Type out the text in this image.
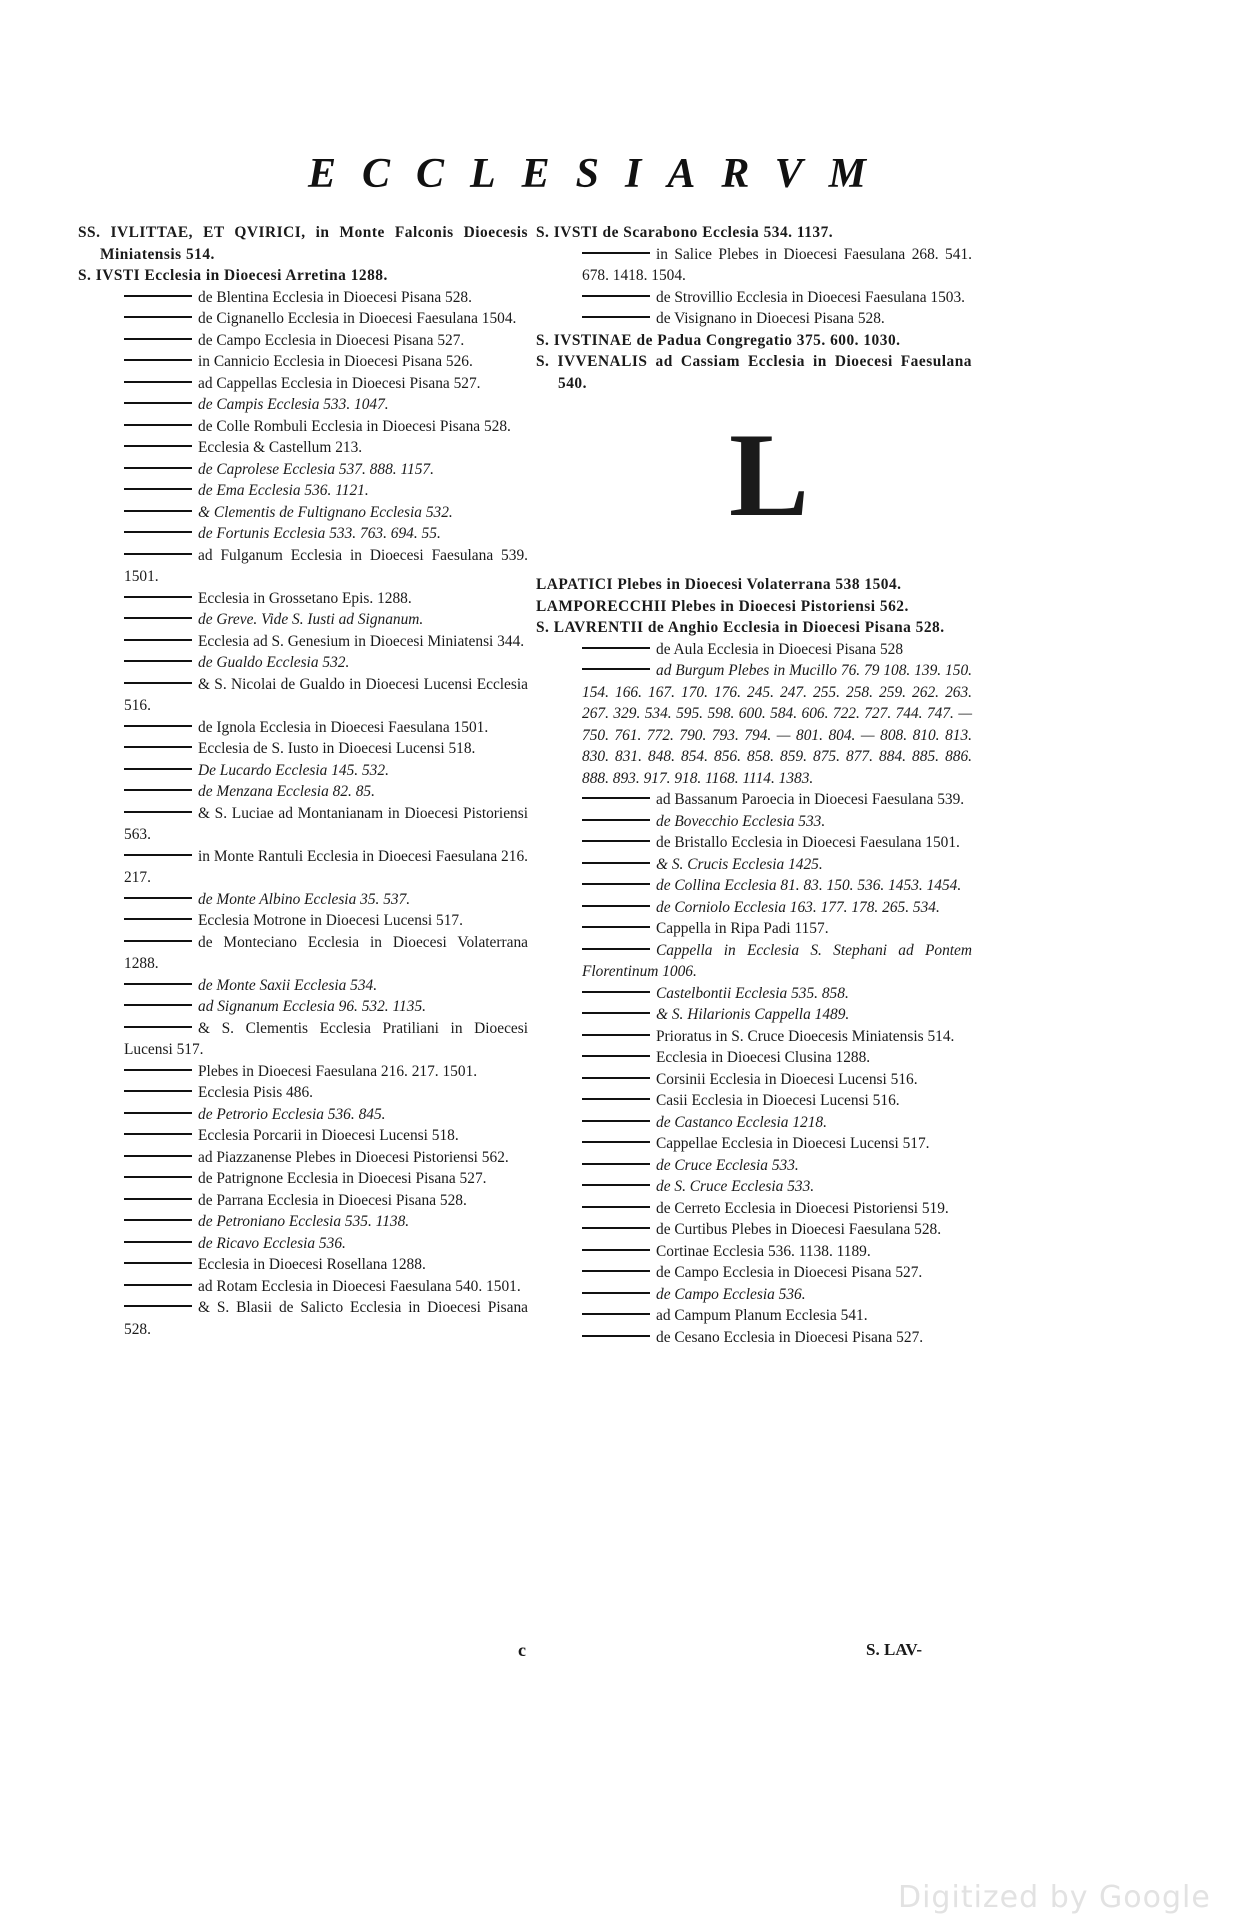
ECCLESIARVM

SS. IVLITTAE, ET QVIRICI, in Monte Falconis Dioecesis Miniatensis 514.

S. IVSTI Ecclesia in Dioecesi Arretina 1288.

de Blentina Ecclesia in Dioecesi Pisana 528.

de Cignanello Ecclesia in Dioecesi Faesulana 1504.

de Campo Ecclesia in Dioecesi Pisana 527.

in Cannicio Ecclesia in Dioecesi Pisana 526.

ad Cappellas Ecclesia in Dioecesi Pisana 527.

de Campis Ecclesia 533. 1047.

de Colle Rombuli Ecclesia in Dioecesi Pisana 528.

Ecclesia & Castellum 213.

de Caprolese Ecclesia 537. 888. 1157.

de Ema Ecclesia 536. 1121.

& Clementis de Fultignano Ecclesia 532.

de Fortunis Ecclesia 533. 763. 694. 55.

ad Fulganum Ecclesia in Dioecesi Faesulana 539. 1501.

Ecclesia in Grossetano Epis. 1288.

de Greve. Vide S. Iusti ad Signanum.

Ecclesia ad S. Genesium in Dioecesi Miniatensi 344.

de Gualdo Ecclesia 532.

& S. Nicolai de Gualdo in Dioecesi Lucensi Ecclesia 516.

de Ignola Ecclesia in Dioecesi Faesulana 1501.

Ecclesia de S. Iusto in Dioecesi Lucensi 518.

De Lucardo Ecclesia 145. 532.

de Menzana Ecclesia 82. 85.

& S. Luciae ad Montanianam in Dioecesi Pistoriensi 563.

in Monte Rantuli Ecclesia in Dioecesi Faesulana 216. 217.

de Monte Albino Ecclesia 35. 537.

Ecclesia Motrone in Dioecesi Lucensi 517.

de Monteciano Ecclesia in Dioecesi Volaterrana 1288.

de Monte Saxii Ecclesia 534.

ad Signanum Ecclesia 96. 532. 1135.

& S. Clementis Ecclesia Pratiliani in Dioecesi Lucensi 517.

Plebes in Dioecesi Faesulana 216. 217. 1501.

Ecclesia Pisis 486.

de Petrorio Ecclesia 536. 845.

Ecclesia Porcarii in Dioecesi Lucensi 518.

ad Piazzanense Plebes in Dioecesi Pistoriensi 562.

de Patrignone Ecclesia in Dioecesi Pisana 527.

de Parrana Ecclesia in Dioecesi Pisana 528.

de Petroniano Ecclesia 535. 1138.

de Ricavo Ecclesia 536.

Ecclesia in Dioecesi Rosellana 1288.

ad Rotam Ecclesia in Dioecesi Faesulana 540. 1501.

& S. Blasii de Salicto Ecclesia in Dioecesi Pisana 528.

S. IVSTI de Scarabono Ecclesia 534. 1137.

in Salice Plebes in Dioecesi Faesulana 268. 541. 678. 1418. 1504.

de Strovillio Ecclesia in Dioecesi Faesulana 1503.

de Visignano in Dioecesi Pisana 528.

S. IVSTINAE de Padua Congregatio 375. 600. 1030.

S. IVVENALIS ad Cassiam Ecclesia in Dioecesi Faesulana 540.

L

LAPATICI Plebes in Dioecesi Volaterrana 538 1504.

LAMPORECCHII Plebes in Dioecesi Pistoriensi 562.

S. LAVRENTII de Anghio Ecclesia in Dioecesi Pisana 528.

de Aula Ecclesia in Dioecesi Pisana 528

ad Burgum Plebes in Mucillo 76. 79 108. 139. 150. 154. 166. 167. 170. 176. 245. 247. 255. 258. 259. 262. 263. 267. 329. 534. 595. 598. 600. 584. 606. 722. 727. 744. 747. — 750. 761. 772. 790. 793. 794. — 801. 804. — 808. 810. 813. 830. 831. 848. 854. 856. 858. 859. 875. 877. 884. 885. 886. 888. 893. 917. 918. 1168. 1114. 1383.

ad Bassanum Paroecia in Dioecesi Faesulana 539.

de Bovecchio Ecclesia 533.

de Bristallo Ecclesia in Dioecesi Faesulana 1501.

& S. Crucis Ecclesia 1425.

de Collina Ecclesia 81. 83. 150. 536. 1453. 1454.

de Corniolo Ecclesia 163. 177. 178. 265. 534.

Cappella in Ripa Padi 1157.

Cappella in Ecclesia S. Stephani ad Pontem Florentinum 1006.

Castelbontii Ecclesia 535. 858.

& S. Hilarionis Cappella 1489.

Prioratus in S. Cruce Dioecesis Miniatensis 514.

Ecclesia in Dioecesi Clusina 1288.

Corsinii Ecclesia in Dioecesi Lucensi 516.

Casii Ecclesia in Dioecesi Lucensi 516.

de Castanco Ecclesia 1218.

Cappellae Ecclesia in Dioecesi Lucensi 517.

de Cruce Ecclesia 533.

de S. Cruce Ecclesia 533.

de Cerreto Ecclesia in Dioecesi Pistoriensi 519.

de Curtibus Plebes in Dioecesi Faesulana 528.

Cortinae Ecclesia 536. 1138. 1189.

de Campo Ecclesia in Dioecesi Pisana 527.

de Campo Ecclesia 536.

ad Campum Planum Ecclesia 541.

de Cesano Ecclesia in Dioecesi Pisana 527.

c	S. LAV-
Digitized by Google
